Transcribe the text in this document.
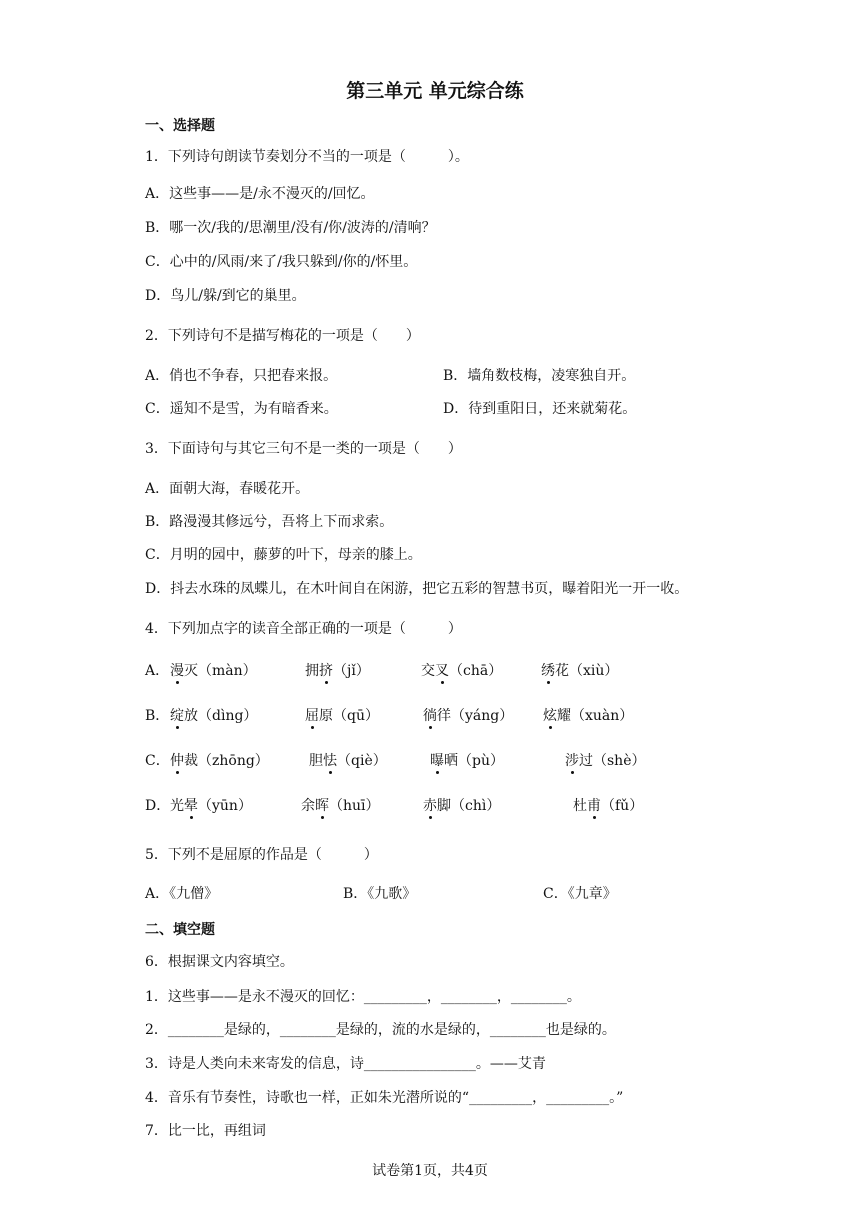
第三单元 单元综合练
一、选择题
1．下列诗句朗读节奏划分不当的一项是（　　　）。
A．这些事——是/永不漫灭的/回忆。
B．哪一次/我的/思潮里/没有/你/波涛的/清响？
C．心中的/风雨/来了/我只躲到/你的/怀里。
D．鸟儿/躲/到它的巢里。
2．下列诗句不是描写梅花的一项是（　　）
A．俏也不争春，只把春来报。	B．墙角数枝梅，凌寒独自开。
C．遥知不是雪，为有暗香来。	D．待到重阳日，还来就菊花。
3．下面诗句与其它三句不是一类的一项是（　　）
A．面朝大海，春暖花开。
B．路漫漫其修远兮，吾将上下而求索。
C．月明的园中，藤萝的叶下，母亲的膝上。
D．抖去水珠的凤蝶儿，在木叶间自在闲游，把它五彩的智慧书页，曝着阳光一开一收。
4．下列加点字的读音全部正确的一项是（　　　）
A． 漫灭（màn）	拥挤（jǐ）	交叉（chā）	绣花（xiù）
B． 绽放（dìng）	屈原（qū）	徜徉（yáng） 炫耀（xuàn）
C． 仲裁（zhōng）	胆怯（qiè）	曝晒（pù）	涉过（shè）
D． 光晕（yūn）	余晖（huī）	赤脚（chì）	杜甫（fǔ）
5．下列不是屈原的作品是（　　　）
A．《九僧》	B．《九歌》	C．《九章》
二、填空题
6．根据课文内容填空。
1．这些事——是永不漫灭的回忆：_________，________，________。
2．________是绿的，________是绿的，流的水是绿的，________也是绿的。
3．诗是人类向未来寄发的信息，诗________________。——艾青
4．音乐有节奏性，诗歌也一样，正如朱光潜所说的“_________，_________。”
7．比一比，再组词
试卷第1页，共4页
